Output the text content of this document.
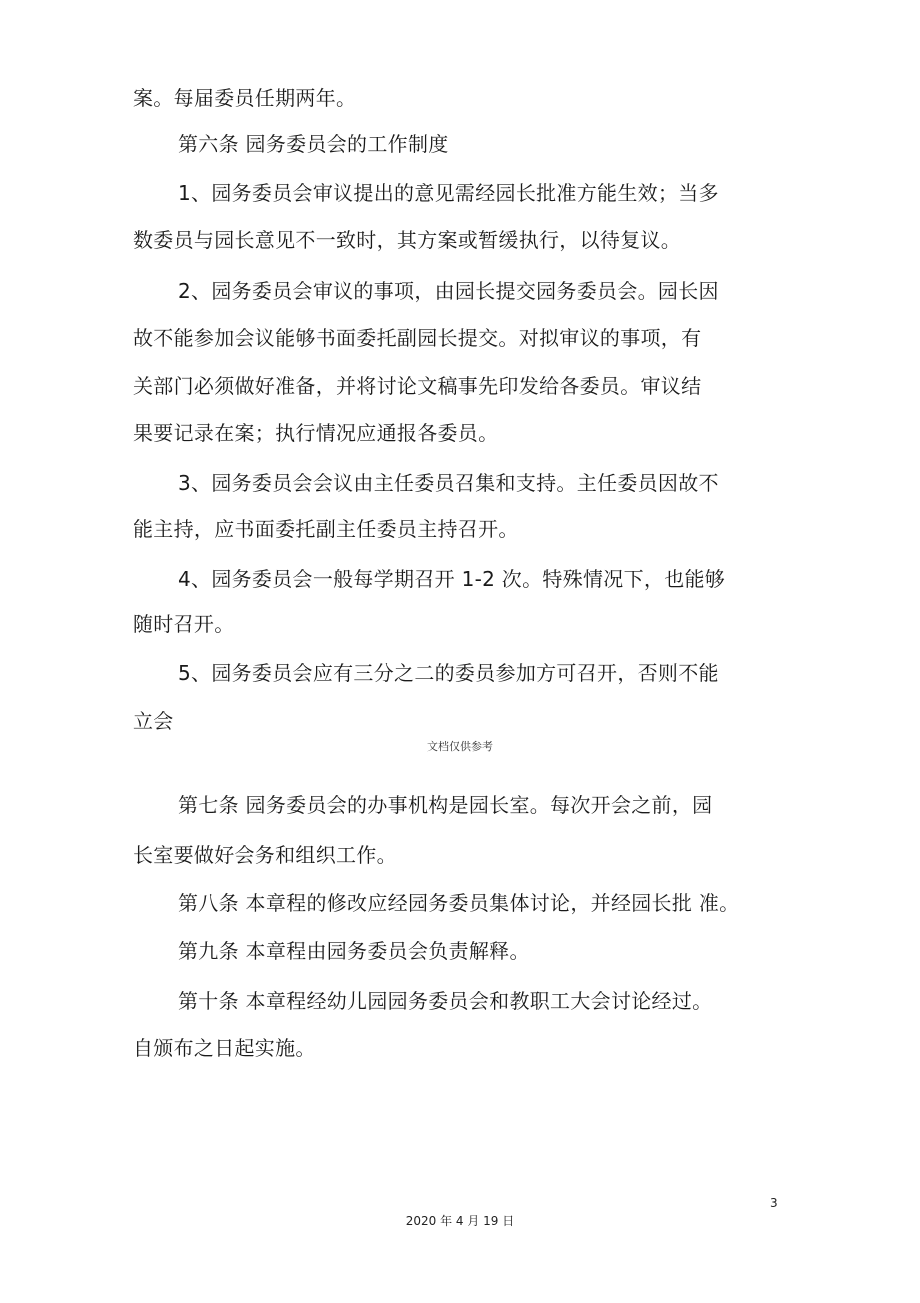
案。每届委员任期两年。
第六条 园务委员会的工作制度
1、园务委员会审议提出的意见需经园长批准方能生效；当多
数委员与园长意见不一致时，其方案或暂缓执行，以待复议。
2、园务委员会审议的事项，由园长提交园务委员会。园长因
故不能参加会议能够书面委托副园长提交。对拟审议的事项，有
关部门必须做好准备，并将讨论文稿事先印发给各委员。审议结
果要记录在案；执行情况应通报各委员。
3、园务委员会会议由主任委员召集和支持。主任委员因故不
能主持，应书面委托副主任委员主持召开。
4、园务委员会一般每学期召开 1-2 次。特殊情况下，也能够
随时召开。
5、园务委员会应有三分之二的委员参加方可召开，否则不能
立会
文档仅供参考
第七条 园务委员会的办事机构是园长室。每次开会之前，园
长室要做好会务和组织工作。
第八条 本章程的修改应经园务委员集体讨论，并经园长批 准。
第九条 本章程由园务委员会负责解释。
第十条 本章程经幼儿园园务委员会和教职工大会讨论经过。
自颁布之日起实施。
3
2020 年 4 月 19 日
